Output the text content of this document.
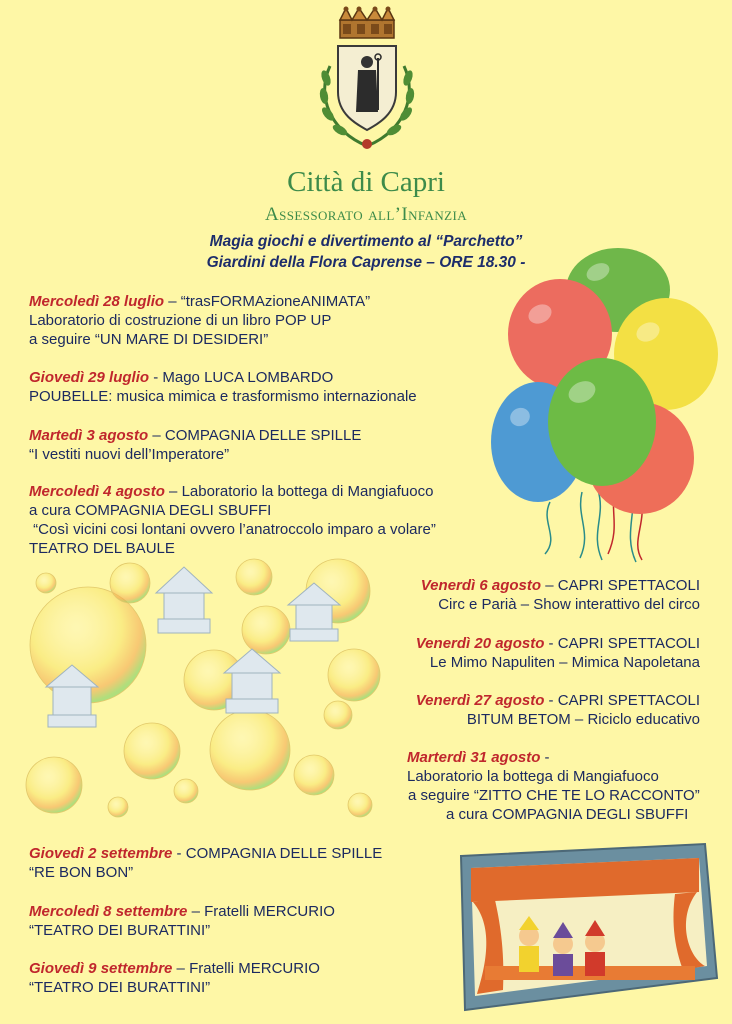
Città di Capri
Assessorato all’Infanzia
Magia giochi e divertimento al “Parchetto”
Giardini della Flora Caprense – ORE 18.30 -
Mercoledì 28 luglio – “trasFORMAzioneANIMATA”
Laboratorio di costruzione di un libro POP UP
a seguire “UN MARE DI DESIDERI”
Giovedì 29 luglio - Mago LUCA LOMBARDO
POUBELLE: musica mimica e trasformismo internazionale
Martedì 3 agosto – COMPAGNIA DELLE SPILLE
“I vestiti nuovi dell’Imperatore”
Mercoledì 4 agosto – Laboratorio la bottega di Mangiafuoco
a cura COMPAGNIA DEGLI SBUFFI
“Così vicini cosi lontani ovvero l’anatroccolo imparo a volare”
TEATRO DEL BAULE
Venerdì 6 agosto – CAPRI SPETTACOLI
Circ e Parià – Show interattivo del circo
Venerdì 20 agosto - CAPRI SPETTACOLI
Le Mimo Napuliten – Mimica Napoletana
Venerdì 27 agosto - CAPRI SPETTACOLI
BITUM BETOM – Riciclo educativo
Marterdì 31 agosto -
Laboratorio la bottega di Mangiafuoco
a seguire “ZITTO CHE TE LO RACCONTO”
a cura COMPAGNIA DEGLI SBUFFI
Giovedì 2 settembre - COMPAGNIA DELLE SPILLE
“RE BON BON”
Mercoledì 8 settembre – Fratelli MERCURIO
“TEATRO DEI BURATTINI”
Giovedì 9 settembre – Fratelli MERCURIO
“TEATRO DEI BURATTINI”
